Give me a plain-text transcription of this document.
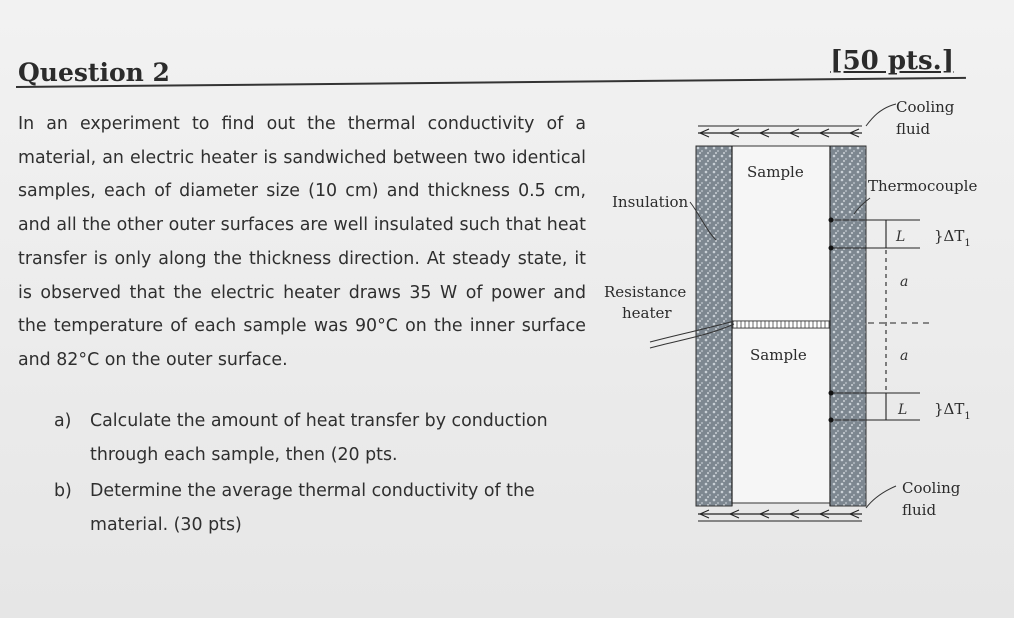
Question 2	[50 pts.]

In an experiment to find out the thermal conductivity of a material, an electric heater is sandwiched between two identical samples, each of diameter size (10 cm) and thickness 0.5 cm, and all the other outer surfaces are well insulated such that heat transfer is only along the thickness direction. At steady state, it is observed that the electric heater draws 35 W of power and the temperature of each sample was 90°C on the inner surface and 82°C on the outer surface.

a) Calculate the amount of heat transfer by conduction
through each sample, then (20 pts.
b) Determine the average thermal conductivity of the
material. (30 pts)
Cooling
fluid
Sample
Insulation
Thermocouple
L }$\Delta T_1$
a
Resistance
heater
Sample	a
L }$\Delta T_1$
Cooling
fluid
